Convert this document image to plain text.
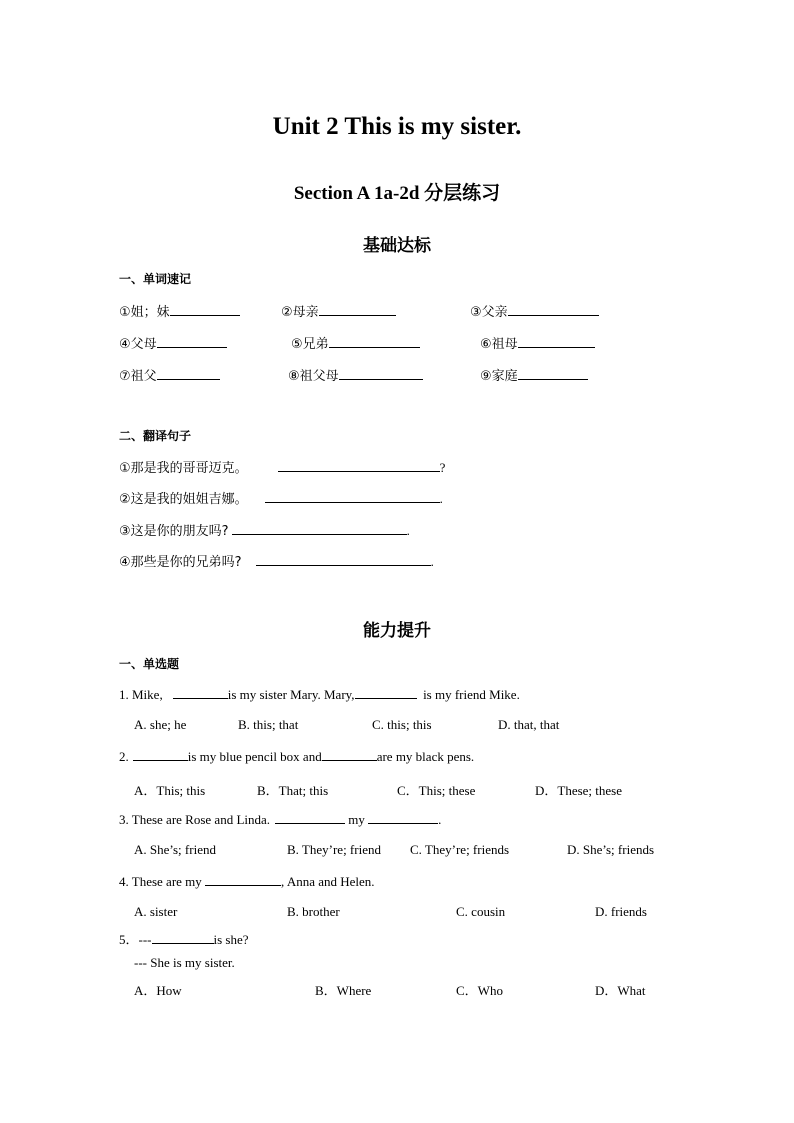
Unit 2 This is my sister.
Section A 1a-2d 分层练习
基础达标
一、单词速记
①姐；妹	②母亲	③父亲
④父母	⑤兄弟	⑥祖母
⑦祖父	⑧祖父母	⑨家庭
二、翻译句子
①那是我的哥哥迈克。	?
②这是我的姐姐吉娜。	.
③这是你的朋友吗?	.
④那些是你的兄弟吗?	.
能力提升
一、单选题
1. Mike,	is my sister Mary. Mary,	is my friend Mike.
A. she; he	B. this; that	C. this; this	D. that, that
2.	is my blue pencil box and	are my black pens.
A．This; this	B．That; this	C．This; these	D．These; these
3. These are Rose and Linda.	my	.
A. She’s; friend	B. They’re; friend C. They’re; friends	D. She’s; friends
4. These are my	, Anna and Helen.
A. sister	B. brother	C. cousin	D. friends
5．---	is she?
--- She is my sister.
A．How	B．Where	C．Who	D．What
